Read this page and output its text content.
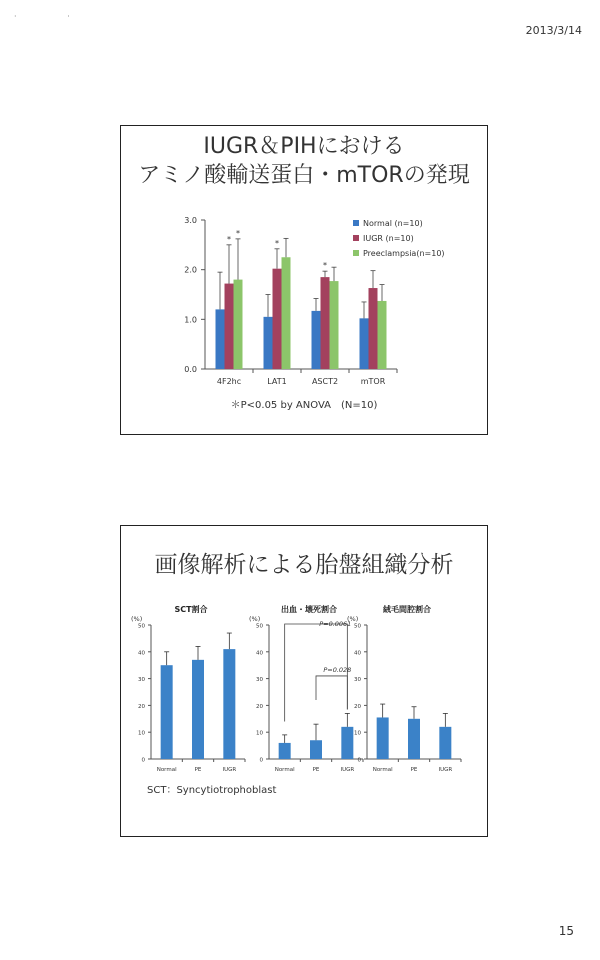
· ·
2013/3/14
IUGR＆PIHにおける
アミノ酸輸送蛋白・mTORの発現
0.0
1.0
2.0
3.0
4F2hc	LAT1	ASCT2	mTOR
*
*
*
*
Normal (n=10)
IUGR (n=10)
Preeclampsia(n=10)
＊P<0.05 by ANOVA　(N=10)
画像解析による胎盤組織分析
SCT割合
(%)
0
10
20
30
40
50
Normal	PE	IUGR
出血・壊死割合
(%)
0
10
20
30
40
50
Normal	PE	IUGR
P=0.0061
P=0.028
絨毛間腔割合
(%)
0
10
20
30
40
50
Normal	PE	IUGR
SCT：Syncytiotrophoblast
15
